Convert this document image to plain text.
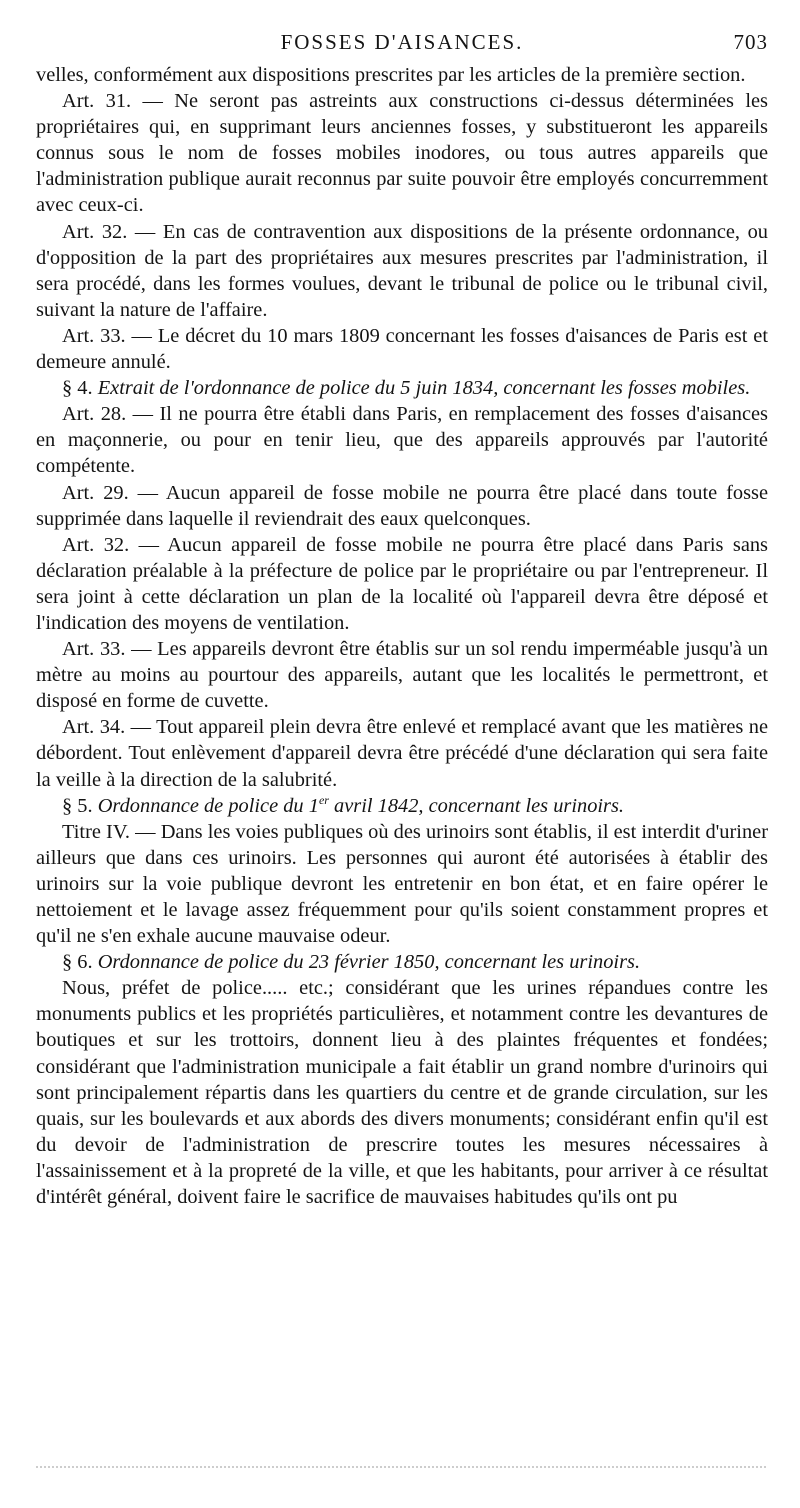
FOSSES D'AISANCES.	703

velles, conformément aux dispositions prescrites par les articles de la première section.

Art. 31. — Ne seront pas astreints aux constructions ci-dessus déterminées les propriétaires qui, en supprimant leurs anciennes fosses, y substitueront les appareils connus sous le nom de fosses mobiles inodores, ou tous autres appareils que l'administration publique aurait reconnus par suite pouvoir être employés concurremment avec ceux-ci.

Art. 32. — En cas de contravention aux dispositions de la présente ordonnance, ou d'opposition de la part des propriétaires aux mesures prescrites par l'administration, il sera procédé, dans les formes voulues, devant le tribunal de police ou le tribunal civil, suivant la nature de l'affaire.

Art. 33. — Le décret du 10 mars 1809 concernant les fosses d'aisances de Paris est et demeure annulé.

§ 4. Extrait de l'ordonnance de police du 5 juin 1834, concernant les fosses mobiles.

Art. 28. — Il ne pourra être établi dans Paris, en remplacement des fosses d'aisances en maçonnerie, ou pour en tenir lieu, que des appareils approuvés par l'autorité compétente.

Art. 29. — Aucun appareil de fosse mobile ne pourra être placé dans toute fosse supprimée dans laquelle il reviendrait des eaux quelconques.

Art. 32. — Aucun appareil de fosse mobile ne pourra être placé dans Paris sans déclaration préalable à la préfecture de police par le propriétaire ou par l'entrepreneur. Il sera joint à cette déclaration un plan de la localité où l'appareil devra être déposé et l'indication des moyens de ventilation.

Art. 33. — Les appareils devront être établis sur un sol rendu imperméable jusqu'à un mètre au moins au pourtour des appareils, autant que les localités le permettront, et disposé en forme de cuvette.

Art. 34. — Tout appareil plein devra être enlevé et remplacé avant que les matières ne débordent. Tout enlèvement d'appareil devra être précédé d'une déclaration qui sera faite la veille à la direction de la salubrité.

§ 5. Ordonnance de police du 1er avril 1842, concernant les urinoirs.

Titre IV. — Dans les voies publiques où des urinoirs sont établis, il est interdit d'uriner ailleurs que dans ces urinoirs. Les personnes qui auront été autorisées à établir des urinoirs sur la voie publique devront les entretenir en bon état, et en faire opérer le nettoiement et le lavage assez fréquemment pour qu'ils soient constamment propres et qu'il ne s'en exhale aucune mauvaise odeur.

§ 6. Ordonnance de police du 23 février 1850, concernant les urinoirs.

Nous, préfet de police..... etc.; considérant que les urines répandues contre les monuments publics et les propriétés particulières, et notamment contre les devantures de boutiques et sur les trottoirs, donnent lieu à des plaintes fréquentes et fondées; considérant que l'administration municipale a fait établir un grand nombre d'urinoirs qui sont principalement répartis dans les quartiers du centre et de grande circulation, sur les quais, sur les boulevards et aux abords des divers monuments; considérant enfin qu'il est du devoir de l'administration de prescrire toutes les mesures nécessaires à l'assainissement et à la propreté de la ville, et que les habitants, pour arriver à ce résultat d'intérêt général, doivent faire le sacrifice de mauvaises habitudes qu'ils ont pu
